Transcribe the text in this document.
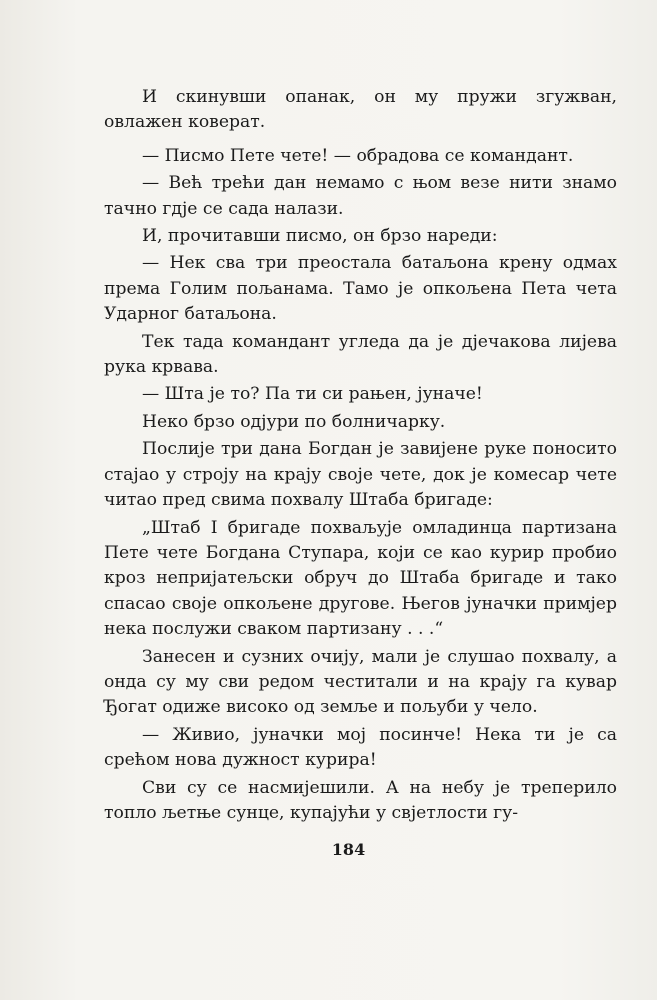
И скинувши опанак, он му пружи згужван, овлажен коверат.

— Писмо Пете чете! — обрадова се командант.

— Већ трећи дан немамо с њом везе нити знамо тачно гдје се сада налази.

И, прочитавши писмо, он брзо нареди:

— Нек сва три преостала батаљона крену одмах према Голим пољанама. Тамо је опкољена Пета чета Ударног батаљона.

Тек тада командант угледа да је дјечакова лијева рука крвава.

— Шта је то? Па ти си рањен, јуначе!

Неко брзо одјури по болничарку.

Послије три дана Богдан је завијене руке поносито стајао у строју на крају своје чете, док је комесар чете читао пред свима похвалу Штаба бригаде:

„Штаб I бригаде похваљује омладинца партизана Пете чете Богдана Ступара, који се као курир пробио кроз непријатељски обруч до Штаба бригаде и тако спасао своје опкољене другове. Његов јуначки примјер нека послужи сваком партизану . . .“

Занесен и сузних очију, мали је слушао похвалу, а онда су му сви редом честитали и на крају га кувар Ђогат одиже високо од земље и пољуби у чело.

— Живио, јуначки мој посинче! Нека ти је са срећом нова дужност курира!

Сви су се насмијешили. А на небу је треперило топло љетње сунце, купајући у свјетлости гу-

184
